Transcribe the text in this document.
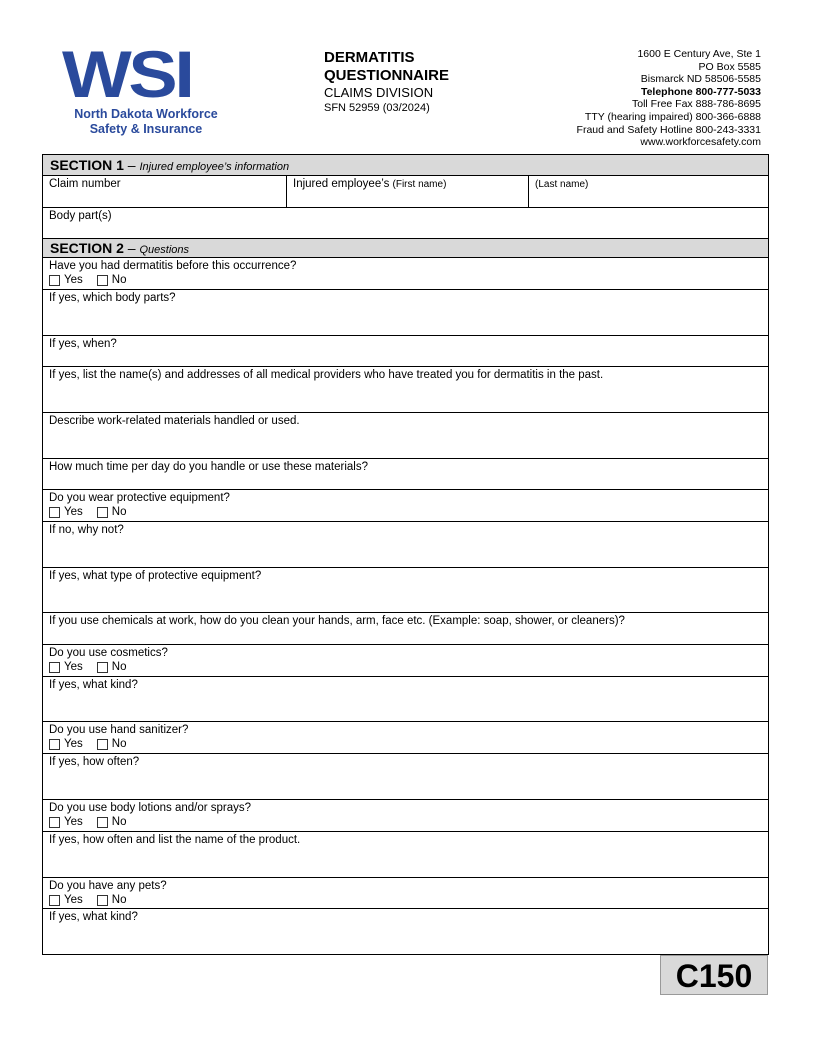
WSI
North Dakota Workforce
Safety & Insurance
DERMATITIS
QUESTIONNAIRE
CLAIMS DIVISION
SFN 52959 (03/2024)
1600 E Century Ave, Ste 1
PO Box 5585
Bismarck ND 58506-5585
Telephone 800-777-5033
Toll Free Fax 888-786-8695
TTY (hearing impaired) 800-366-6888
Fraud and Safety Hotline 800-243-3331
www.workforcesafety.com
SECTION 1 – Injured employee’s information
Claim number	Injured employee’s (First name)	(Last name)
Body part(s)
SECTION 2 – Questions
Have you had dermatitis before this occurrence?
Yes	No
If yes, which body parts?
If yes, when?
If yes, list the name(s) and addresses of all medical providers who have treated you for dermatitis in the past.
Describe work-related materials handled or used.
How much time per day do you handle or use these materials?
Do you wear protective equipment?
Yes	No
If no, why not?
If yes, what type of protective equipment?
If you use chemicals at work, how do you clean your hands, arm, face etc. (Example: soap, shower, or cleaners)?
Do you use cosmetics?
Yes	No
If yes, what kind?
Do you use hand sanitizer?
Yes	No
If yes, how often?
Do you use body lotions and/or sprays?
Yes	No
If yes, how often and list the name of the product.
Do you have any pets?
Yes	No
If yes, what kind?
C150
